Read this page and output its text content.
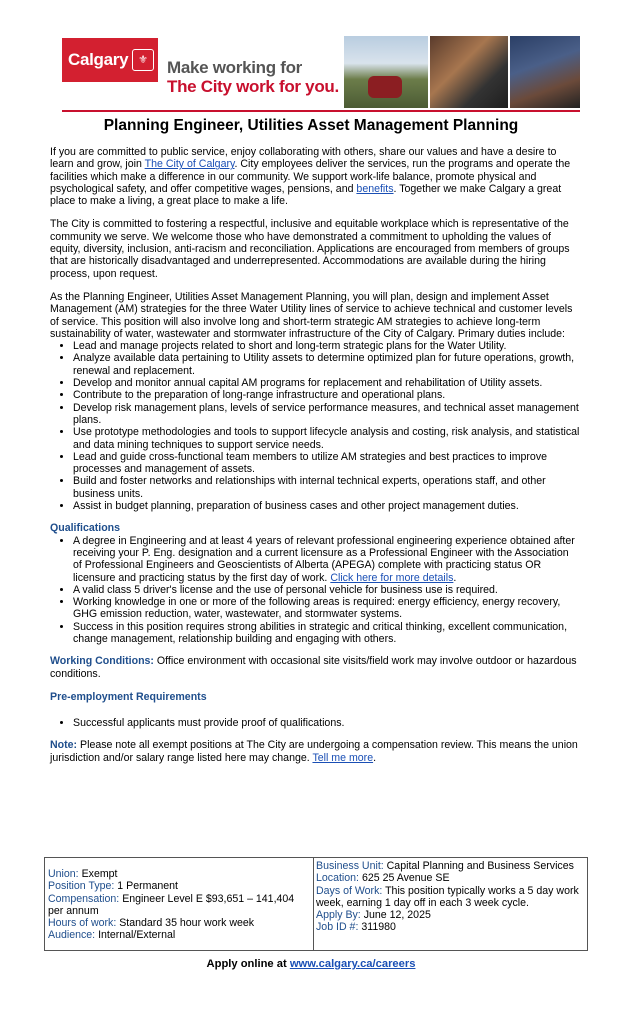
Calgary ⚜	Make working for
The City work for you.
Planning Engineer, Utilities Asset Management Planning

If you are committed to public service, enjoy collaborating with others, share our values and have a desire to learn and grow, join The City of Calgary. City employees deliver the services, run the programs and operate the facilities which make a difference in our community. We support work-life balance, promote physical and psychological safety, and offer competitive wages, pensions, and benefits. Together we make Calgary a great place to make a living, a great place to make a life.

The City is committed to fostering a respectful, inclusive and equitable workplace which is representative of the community we serve. We welcome those who have demonstrated a commitment to upholding the values of equity, diversity, inclusion, anti-racism and reconciliation. Applications are encouraged from members of groups that are historically disadvantaged and underrepresented. Accommodations are available during the hiring process, upon request.

As the Planning Engineer, Utilities Asset Management Planning, you will plan, design and implement Asset Management (AM) strategies for the three Water Utility lines of service to achieve technical and customer levels of service. This position will also involve long and short-term strategic AM strategies to achieve long-term sustainability of water, wastewater and stormwater infrastructure of the City of Calgary. Primary duties include:

• Lead and manage projects related to short and long-term strategic plans for the Water Utility.
• Analyze available data pertaining to Utility assets to determine optimized plan for future operations, growth, renewal and replacement.
• Develop and monitor annual capital AM programs for replacement and rehabilitation of Utility assets.
• Contribute to the preparation of long-range infrastructure and operational plans.
• Develop risk management plans, levels of service performance measures, and technical asset management plans.
• Use prototype methodologies and tools to support lifecycle analysis and costing, risk analysis, and statistical and data mining techniques to support service needs.
• Lead and guide cross-functional team members to utilize AM strategies and best practices to improve processes and management of assets.
• Build and foster networks and relationships with internal technical experts, operations staff, and other business units.
• Assist in budget planning, preparation of business cases and other project management duties.
Qualifications
• A degree in Engineering and at least 4 years of relevant professional engineering experience obtained after receiving your P. Eng. designation and a current licensure as a Professional Engineer with the Association of Professional Engineers and Geoscientists of Alberta (APEGA) complete with practicing status OR licensure and practicing status by the first day of work. Click here for more details.
• A valid class 5 driver's license and the use of personal vehicle for business use is required.
• Working knowledge in one or more of the following areas is required: energy efficiency, energy recovery, GHG emission reduction, water, wastewater, and stormwater systems.
• Success in this position requires strong abilities in strategic and critical thinking, excellent communication, change management, relationship building and engaging with others.

Working Conditions: Office environment with occasional site visits/field work may involve outdoor or hazardous conditions.

Pre-employment Requirements
• Successful applicants must provide proof of qualifications.

Note: Please note all exempt positions at The City are undergoing a compensation review. This means the union jurisdiction and/or salary range listed here may change. Tell me more.

Union: Exempt
Position Type: 1 Permanent
Compensation: Engineer Level E $93,651 – 141,404 per annum
Hours of work: Standard 35 hour work week
Audience: Internal/External
Business Unit: Capital Planning and Business Services
Location: 625 25 Avenue SE
Days of Work: This position typically works a 5 day work week, earning 1 day off in each 3 week cycle.
Apply By: June 12, 2025
Job ID #: 311980
Apply online at www.calgary.ca/careers
